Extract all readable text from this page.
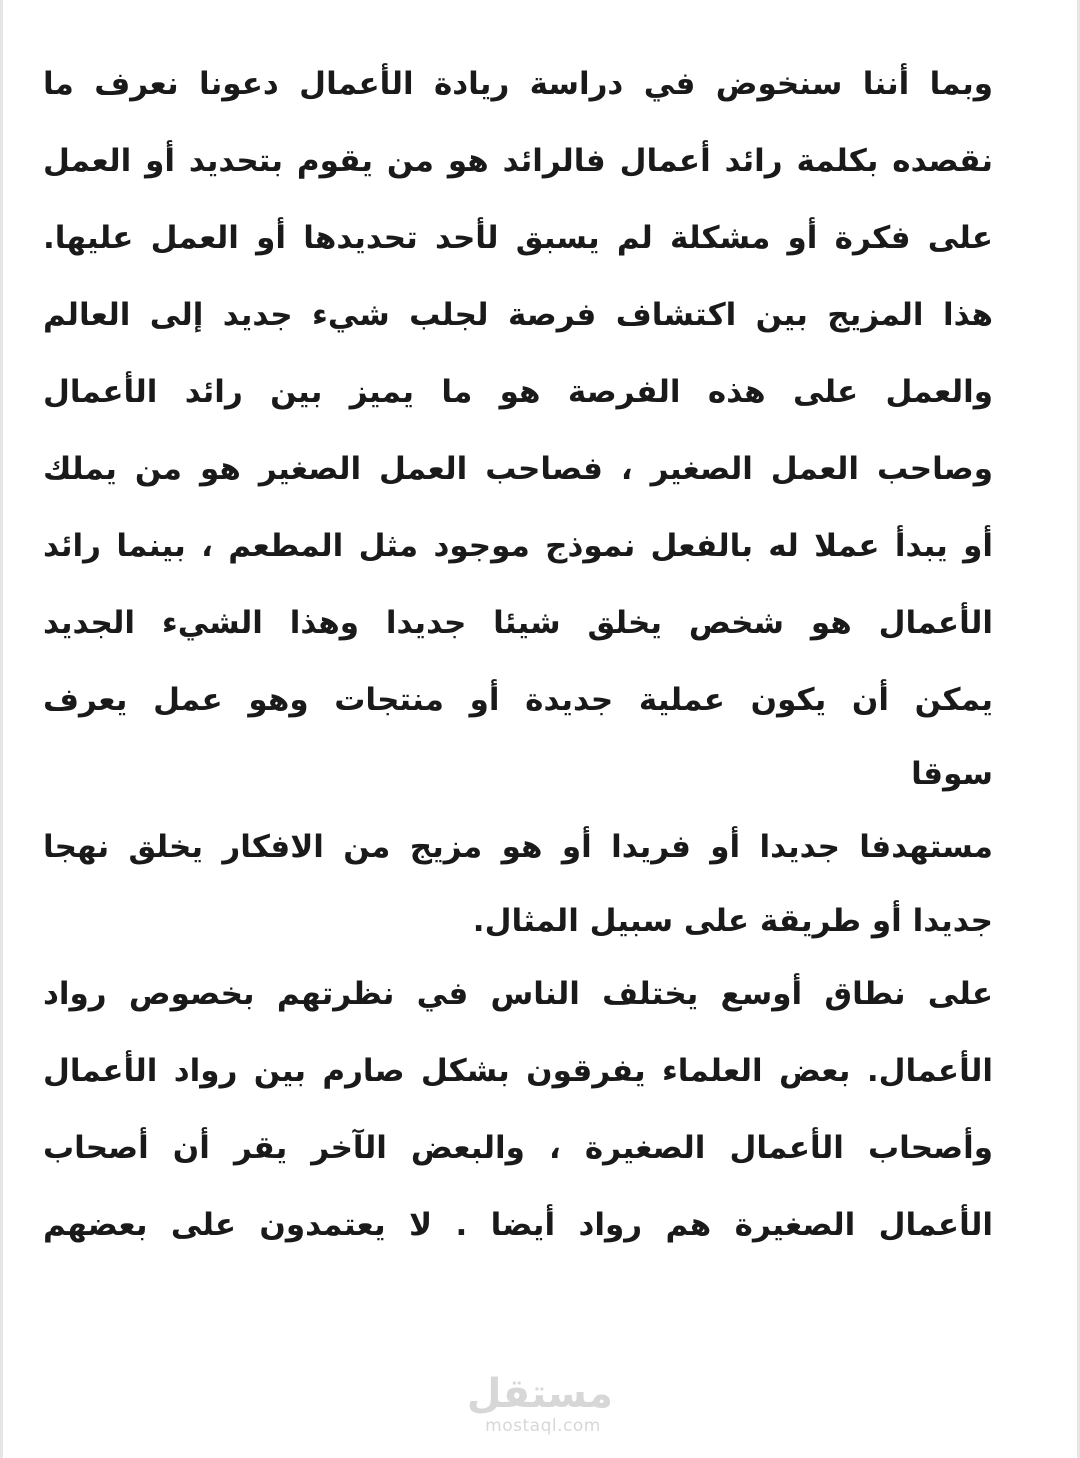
وبما أننا سنخوض في دراسة ريادة الأعمال دعونا نعرف ما
نقصده بكلمة رائد أعمال فالرائد هو من يقوم بتحديد أو العمل
على فكرة أو مشكلة لم يسبق لأحد تحديدها أو العمل عليها.
هذا المزيج بين اكتشاف فرصة لجلب شيء جديد إلى العالم
والعمل على هذه الفرصة هو ما يميز بين رائد الأعمال
وصاحب العمل الصغير ، فصاحب العمل الصغير هو من يملك
أو يبدأ عملا له بالفعل نموذج موجود مثل المطعم ، بينما رائد
الأعمال هو شخص يخلق شيئا جديدا وهذا الشيء الجديد
يمكن أن يكون عملية جديدة أو منتجات وهو عمل يعرف
سوقا
مستهدفا جديدا أو فريدا أو هو مزيج من الافكار يخلق نهجا
جديدا أو طريقة على سبيل المثال.
على نطاق أوسع يختلف الناس في نظرتهم بخصوص رواد
الأعمال. بعض العلماء يفرقون بشكل صارم بين رواد الأعمال
وأصحاب الأعمال الصغيرة ، والبعض الآخر يقر أن أصحاب
الأعمال الصغيرة هم رواد أيضا . لا يعتمدون على بعضهم
مستقل
mostaql.com
